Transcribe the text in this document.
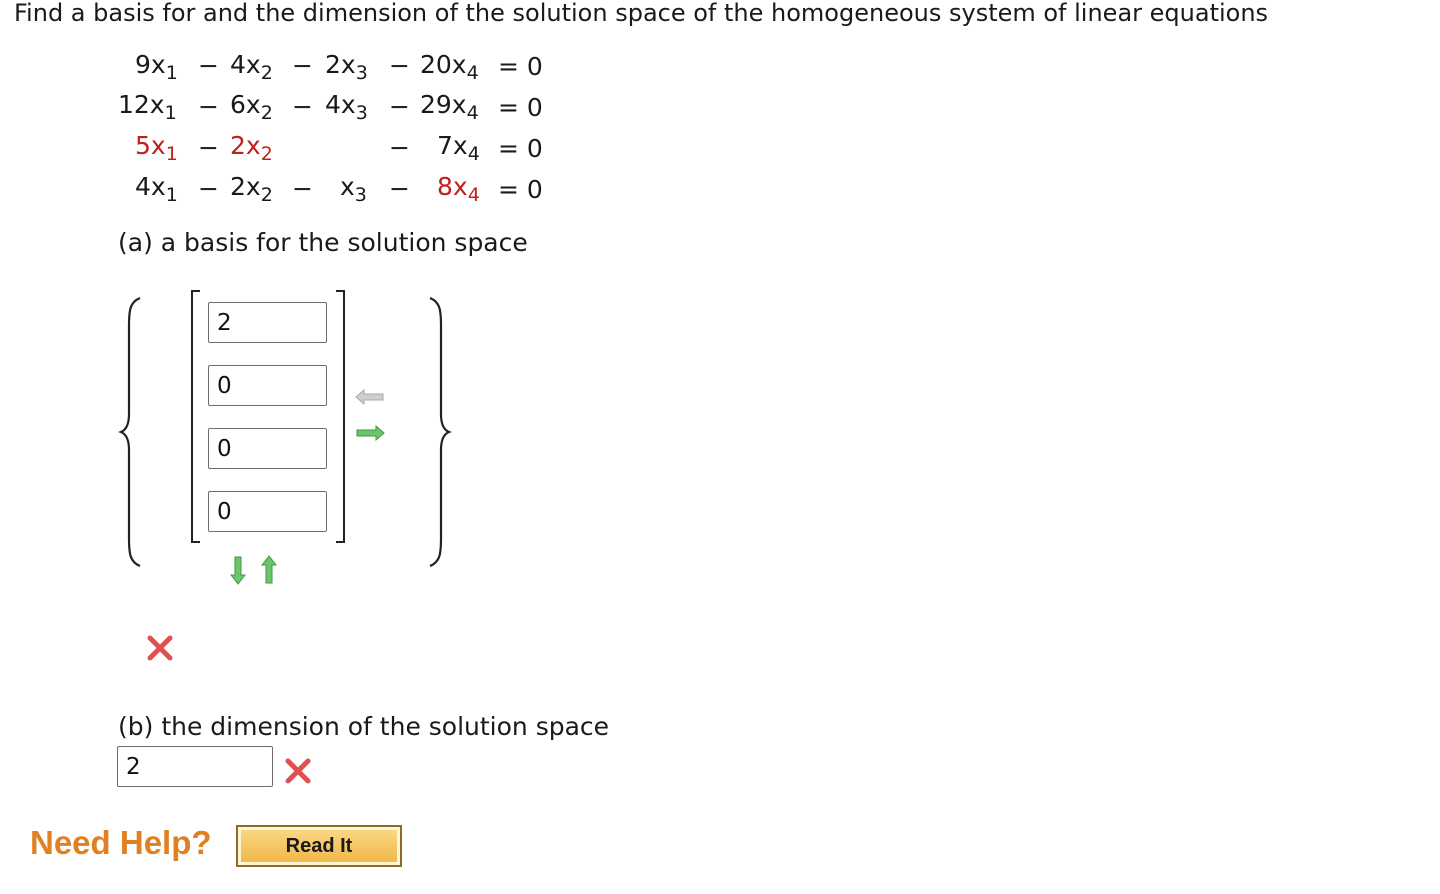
Find a basis for and the dimension of the solution space of the homogeneous system of linear equations
$9x_1 - 4x_2 - 2x_3 - 20x_4 = 0$
$12x_1 - 6x_2 - 4x_3 - 29x_4 = 0$
$5x_1 - 2x_2$	− $7x_4 = 0$
$4x_1 - 2x_2 - x_3 - 8x_4 = 0$
(a) a basis for the solution space
2
0
0
0
(b) the dimension of the solution space
2
Need Help?	Read It
